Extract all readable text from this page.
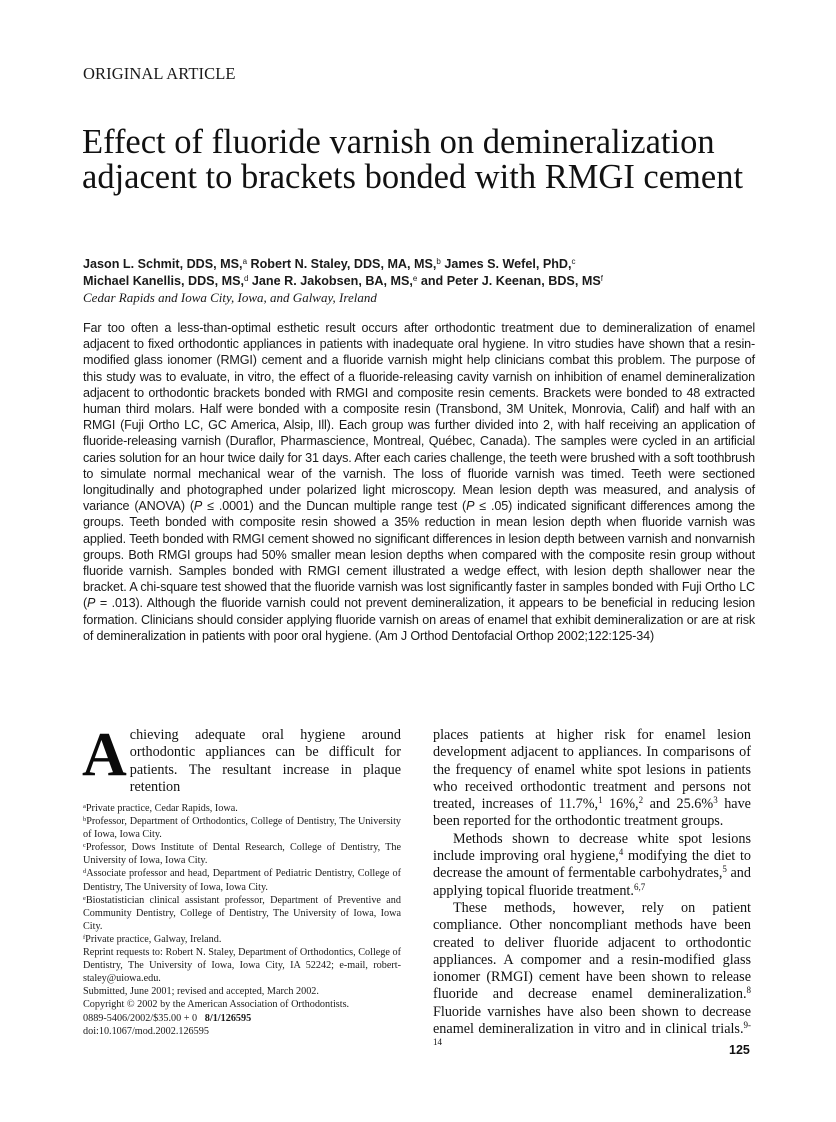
ORIGINAL ARTICLE
Effect of fluoride varnish on demineralization adjacent to brackets bonded with RMGI cement
Jason L. Schmit, DDS, MS,$^a$ Robert N. Staley, DDS, MA, MS,$^b$ James S. Wefel, PhD,$^c$
Michael Kanellis, DDS, MS,$^d$ Jane R. Jakobsen, BA, MS,$^e$ and Peter J. Keenan, BDS, $MS^f$
Cedar Rapids and Iowa City, Iowa, and Galway, Ireland
Far too often a less-than-optimal esthetic result occurs after orthodontic treatment due to demineralization of enamel adjacent to fixed orthodontic appliances in patients with inadequate oral hygiene. In vitro studies have shown that a resin-modified glass ionomer (RMGI) cement and a fluoride varnish might help clinicians combat this problem. The purpose of this study was to evaluate, in vitro, the effect of a fluoride-releasing cavity varnish on inhibition of enamel demineralization adjacent to orthodontic brackets bonded with RMGI and composite resin cements. Brackets were bonded to 48 extracted human third molars. Half were bonded with a composite resin (Transbond, 3M Unitek, Monrovia, Calif) and half with an RMGI (Fuji Ortho LC, GC America, Alsip, Ill). Each group was further divided into 2, with half receiving an application of fluoride-releasing varnish (Duraflor, Pharmascience, Montreal, Québec, Canada). The samples were cycled in an artificial caries solution for an hour twice daily for 31 days. After each caries challenge, the teeth were brushed with a soft toothbrush to simulate normal mechanical wear of the varnish. The loss of fluoride varnish was timed. Teeth were sectioned longitudinally and photographed under polarized light microscopy. Mean lesion depth was measured, and analysis of variance (ANOVA) (P ≤ .0001) and the Duncan multiple range test (P ≤ .05) indicated significant differences among the groups. Teeth bonded with composite resin showed a 35% reduction in mean lesion depth when fluoride varnish was applied. Teeth bonded with RMGI cement showed no significant differences in lesion depth between varnish and nonvarnish groups. Both RMGI groups had 50% smaller mean lesion depths when compared with the composite resin group without fluoride varnish. Samples bonded with RMGI cement illustrated a wedge effect, with lesion depth shallower near the bracket. A chi-square test showed that the fluoride varnish was lost significantly faster in samples bonded with Fuji Ortho LC (P = .013). Although the fluoride varnish could not prevent demineralization, it appears to be beneficial in reducing lesion formation. Clinicians should consider applying fluoride varnish on areas of enamel that exhibit demineralization or are at risk of demineralization in patients with poor oral hygiene. (Am J Orthod Dentofacial Orthop 2002;122:125-34)

Achieving adequate oral hygiene around orthodontic appliances can be difficult for patients. The resultant increase in plaque retention

$^a$Private practice, Cedar Rapids, Iowa.

$^b$Professor, Department of Orthodontics, College of Dentistry, The University of Iowa, Iowa City.

$^c$Professor, Dows Institute of Dental Research, College of Dentistry, The University of Iowa, Iowa City.

$^d$Associate professor and head, Department of Pediatric Dentistry, College of Dentistry, The University of Iowa, Iowa City.

$^e$Biostatistician clinical assistant professor, Department of Preventive and Community Dentistry, College of Dentistry, The University of Iowa, Iowa City.

$^f$Private practice, Galway, Ireland.

Reprint requests to: Robert N. Staley, Department of Orthodontics, College of Dentistry, The University of Iowa, Iowa City, IA 52242; e-mail, robert-staley@uiowa.edu.

Submitted, June 2001; revised and accepted, March 2002.

Copyright © 2002 by the American Association of Orthodontists.

0889-5406/2002/$35.00 + 0 8/1/126595

doi:10.1067/mod.2002.126595

places patients at higher risk for enamel lesion development adjacent to appliances. In comparisons of the frequency of enamel white spot lesions in patients who received orthodontic treatment and persons not treated, increases of 11.7%,$^1$ 16%,$^2$ and 25.6%$^3$ have been reported for the orthodontic treatment groups.

Methods shown to decrease white spot lesions include improving oral hygiene,$^4$ modifying the diet to decrease the amount of fermentable carbohydrates,$^5$ and applying topical fluoride treatment.$^{6,7}$

These methods, however, rely on patient compliance. Other noncompliant methods have been created to deliver fluoride adjacent to orthodontic appliances. A compomer and a resin-modified glass ionomer (RMGI) cement have been shown to release fluoride and decrease enamel demineralization.$^8$ Fluoride varnishes have also been shown to decrease enamel demineralization in vitro and in clinical trials.$^{9-14}$

125
